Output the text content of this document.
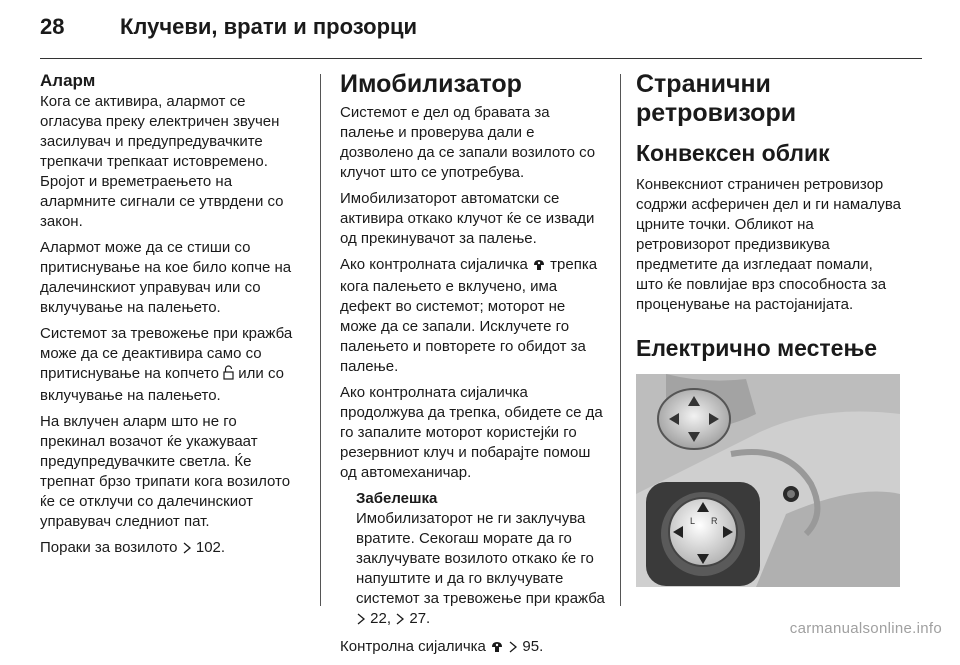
28	Клучеви, врати и прозорци
Аларм

Кога се активира, алармот се огласува преку електричен звучен засилувач и предупредувачките трепкачи трепкаат истовремено. Бројот и времетраењето на алармните сигнали се утврдени со закон.

Алармот може да се стиши со притиснување на кое било копче на далечинскиот управувач или со вклучување на палењето.

Системот за тревожење при кражба може да се деактивира само со притиснување на копчето или со вклучување на палењето.

На вклучен аларм што не го прекинал возачот ќе укажуваат предупредувачките светла. Ќе трепнат брзо трипати кога возилото ќе се отклучи со далечинскиот управувач следниот пат.

Пораки за возилото 102.

Имобилизатор

Системот е дел од бравата за палење и проверува дали е дозволено да се запали возилото со клучот што се употребува.

Имобилизаторот автоматски се активира откако клучот ќе се извади од прекинувачот за палење.

Ако контролната сијаличка трепка кога палењето е вклучено, има дефект во системот; моторот не може да се запали. Исклучете го палењето и повторете го обидот за палење.

Ако контролната сијаличка продолжува да трепка, обидете се да го запалите моторот користејќи го резервниот клуч и побарајте помош од автомеханичар.

Забелешка
Имобилизаторот не ги заклучува вратите. Секогаш морате да го заклучувате возилото откако ќе го напуштите и да го вклучувате системот за тревожење при кражба  22, 27.

Контролна сијаличка 95.

Странични ретровизори
Конвексен облик

Конвексниот страничен ретровизор содржи асферичен дел и ги намалува црните точки. Обликот на ретровизорот предизвикува предметите да изгледаат помали, што ќе повлијае врз способноста за проценување на растојанијата.

Електрично местење
L R
carmanualsonline.info
